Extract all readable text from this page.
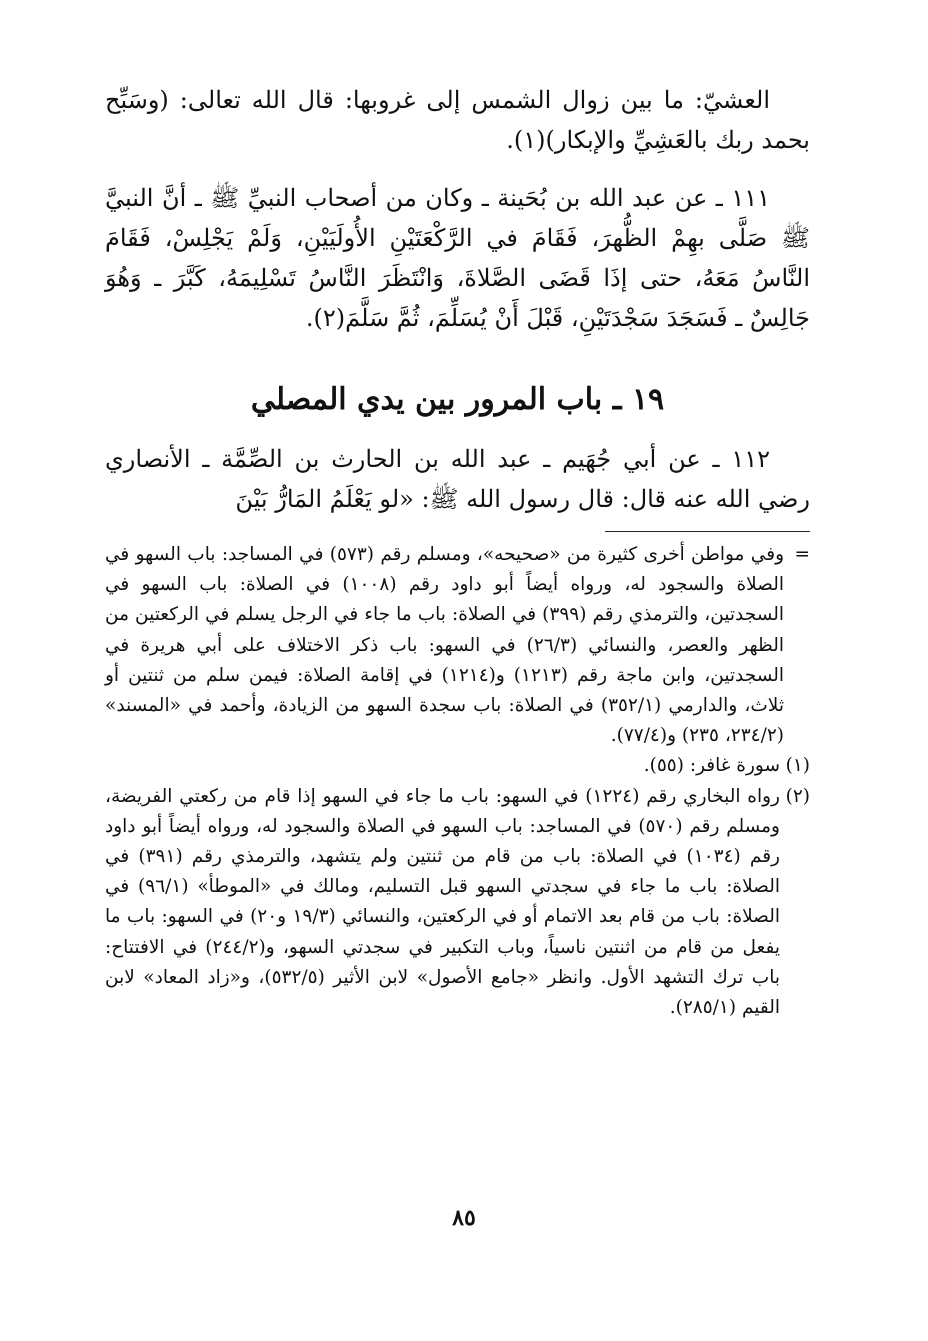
العشيّ: ما بين زوال الشمس إلى غروبها: قال الله تعالى: (وسَبِّح بحمد ربك بالعَشِيِّ والإبكار)(١).

١١١ ـ عن عبد الله بن بُحَينة ـ وكان من أصحاب النبيِّ ﷺ ـ أنَّ النبيَّ ﷺ صَلَّى بهِمْ الظُّهرَ، فَقَامَ في الرَّكْعَتَيْنِ الأُولَيَيْنِ، وَلَمْ يَجْلِسْ، فَقَامَ النَّاسُ مَعَهُ، حتى إذَا قَضَى الصَّلاةَ، وَانْتَظَرَ النَّاسُ تَسْلِيمَهُ، كَبَّرَ ـ وَهُوَ جَالِسٌ ـ فَسَجَدَ سَجْدَتَيْنِ، قَبْلَ أَنْ يُسَلِّمَ، ثُمَّ سَلَّمَ(٢).

١٩ ـ باب المرور بين يدي المصلي

١١٢ ـ عن أبي جُهَيم ـ عبد الله بن الحارث بن الصِّمَّة ـ الأنصاري رضي الله عنه قال: قال رسول الله ﷺ: «لو يَعْلَمُ المَارُّ بَيْنَ

=
وفي مواطن أخرى كثيرة من «صحيحه»، ومسلم رقم (٥٧٣) في المساجد: باب السهو في الصلاة والسجود له، ورواه أيضاً أبو داود رقم (١٠٠٨) في الصلاة: باب السهو في السجدتين، والترمذي رقم (٣٩٩) في الصلاة: باب ما جاء في الرجل يسلم في الركعتين من الظهر والعصر، والنسائي (٢٦/٣) في السهو: باب ذكر الاختلاف على أبي هريرة في السجدتين، وابن ماجة رقم (١٢١٣) و(١٢١٤) في إقامة الصلاة: فيمن سلم من ثنتين أو ثلاث، والدارمي (٣٥٢/١) في الصلاة: باب سجدة السهو من الزيادة، وأحمد في «المسند» (٢٣٤/٢، ٢٣٥) و(٧٧/٤).
(١)
سورة غافر: (٥٥).
(٢)
رواه البخاري رقم (١٢٢٤) في السهو: باب ما جاء في السهو إذا قام من ركعتي الفريضة، ومسلم رقم (٥٧٠) في المساجد: باب السهو في الصلاة والسجود له، ورواه أيضاً أبو داود رقم (١٠٣٤) في الصلاة: باب من قام من ثنتين ولم يتشهد، والترمذي رقم (٣٩١) في الصلاة: باب ما جاء في سجدتي السهو قبل التسليم، ومالك في «الموطأ» (٩٦/١) في الصلاة: باب من قام بعد الاتمام أو في الركعتين، والنسائي (١٩/٣ و٢٠) في السهو: باب ما يفعل من قام من اثنتين ناسياً، وباب التكبير في سجدتي السهو، و(٢٤٤/٢) في الافتتاح: باب ترك التشهد الأول. وانظر «جامع الأصول» لابن الأثير (٥٣٢/٥)، و«زاد المعاد» لابن القيم (٢٨٥/١).
٨٥
